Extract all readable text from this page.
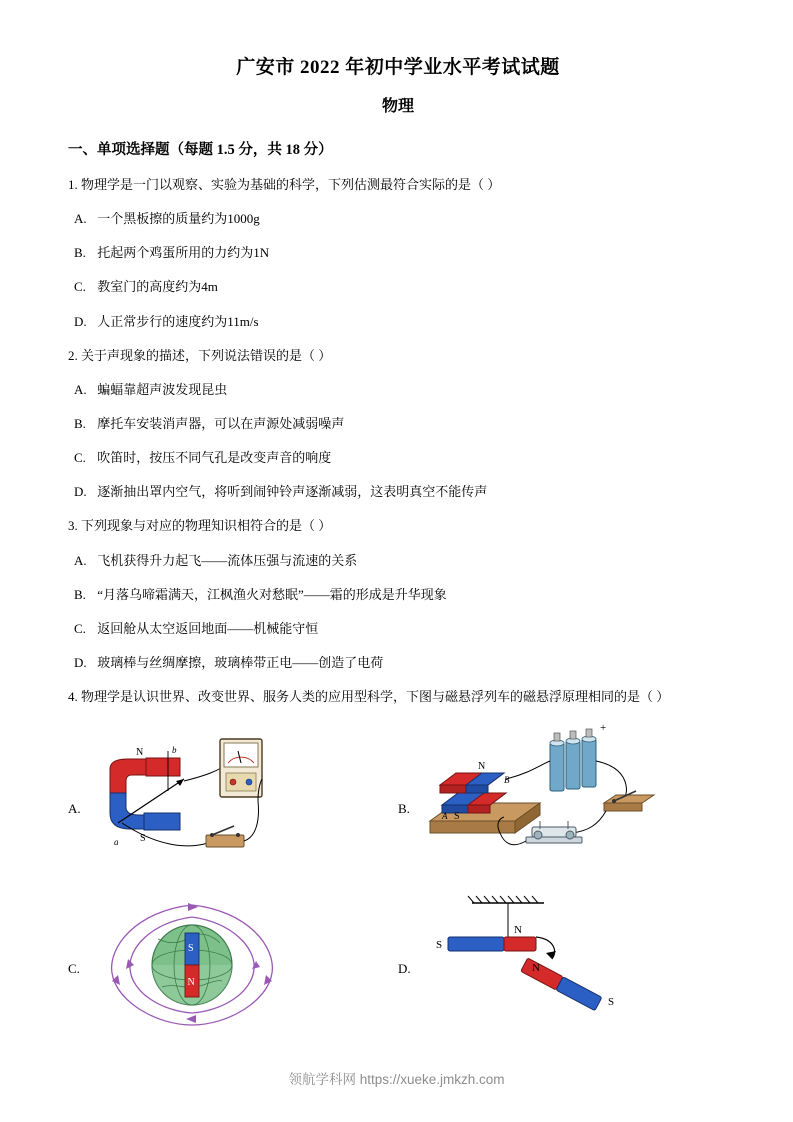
广安市 2022 年初中学业水平考试试题
物理
一、单项选择题（每题 1.5 分，共 18 分）
1. 物理学是一门以观察、实验为基础的科学，下列估测最符合实际的是（ ）
A. 一个黑板擦的质量约为1000g
B. 托起两个鸡蛋所用的力约为1N
C. 教室门的高度约为4m
D. 人正常步行的速度约为11m/s
2. 关于声现象的描述，下列说法错误的是（ ）
A. 蝙蝠靠超声波发现昆虫
B. 摩托车安装消声器，可以在声源处减弱噪声
C. 吹笛时，按压不同气孔是改变声音的响度
D. 逐渐抽出罩内空气，将听到闹钟铃声逐渐减弱，这表明真空不能传声
3. 下列现象与对应的物理知识相符合的是（ ）
A. 飞机获得升力起飞——流体压强与流速的关系
B. “月落乌啼霜满天，江枫渔火对愁眠”——霜的形成是升华现象
C. 返回舱从太空返回地面——机械能守恒
D. 玻璃棒与丝绸摩擦，玻璃棒带正电——创造了电荷
4. 物理学是认识世界、改变世界、服务人类的应用型科学，下图与磁悬浮列车的磁悬浮原理相同的是（ ）
A.
N
S
b
a
B.
N
B
A S
+
C.
S
N
D.
S
N
N
S
领航学科网 https://xueke.jmkzh.com
